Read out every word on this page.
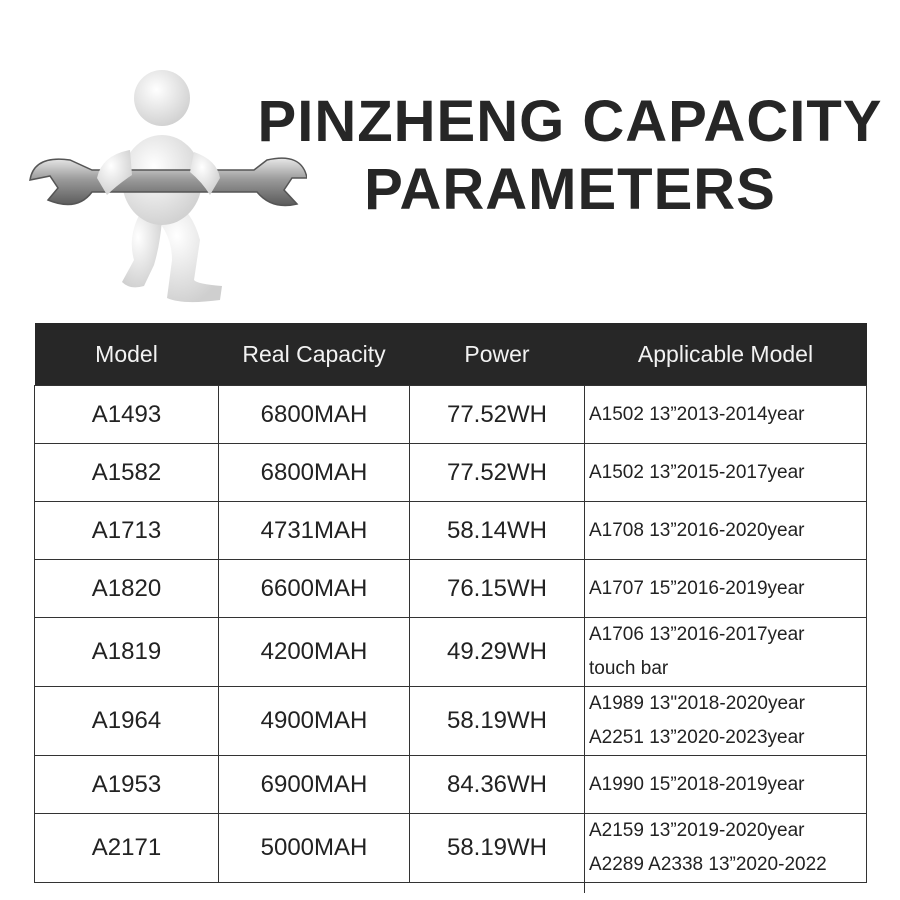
PINZHENG CAPACITY
PARAMETERS
Model	Real Capacity	Power	Applicable Model
A1493	6800MAH	77.52WH	A1502 13”2013-2014year

A1582	6800MAH	77.52WH	A1502 13”2015-2017year

A1713	4731MAH	58.14WH	A1708 13”2016-2020year

A1820	6600MAH	76.15WH	A1707 15”2016-2019year

A1819	4200MAH	49.29WH	A1706 13”2016-2017year
touch bar

A1964	4900MAH	58.19WH	A1989 13"2018-2020year
A2251 13”2020-2023year

A1953	6900MAH	84.36WH	A1990 15”2018-2019year

A2171	5000MAH	58.19WH	A2159 13”2019-2020year
A2289 A2338 13”2020-2022
